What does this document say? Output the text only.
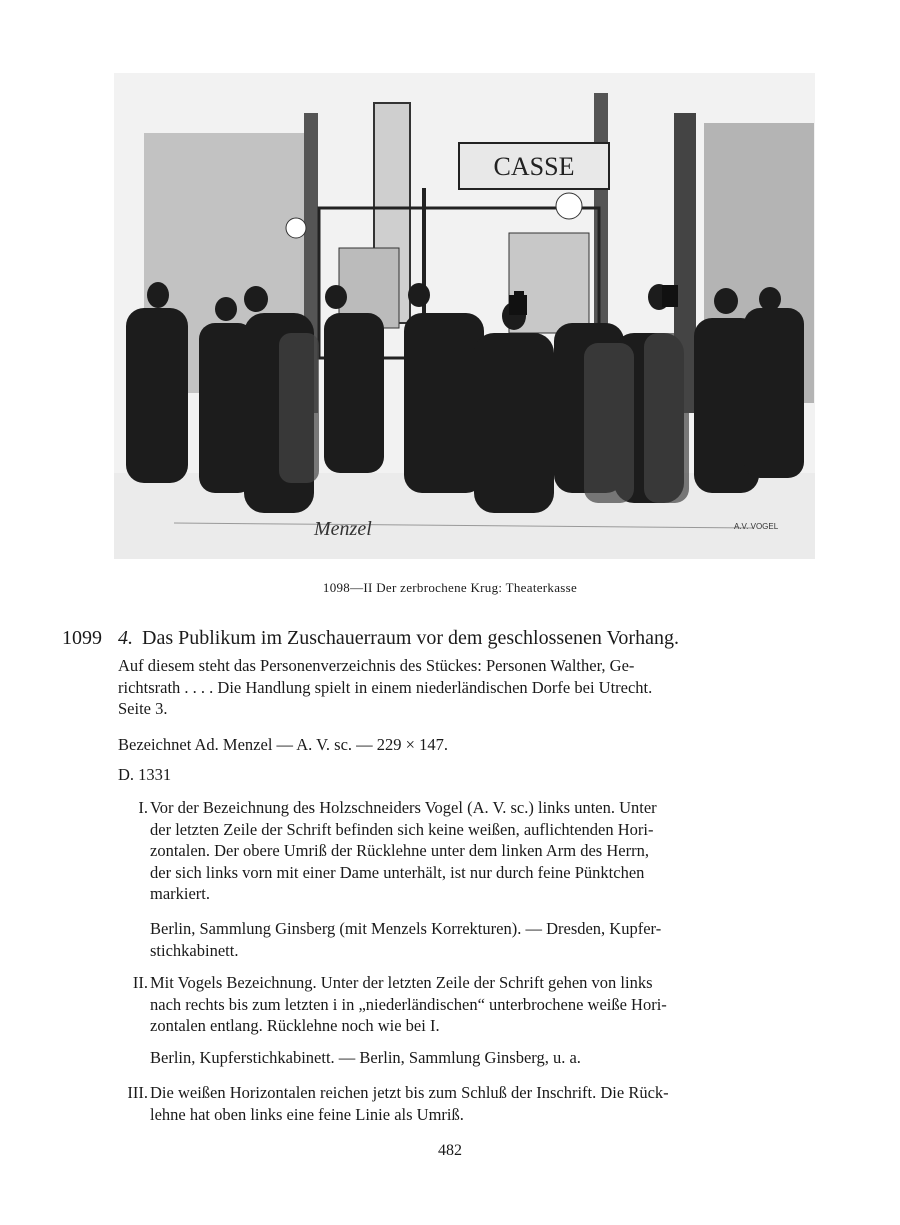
CASSE
Menzel	A.V. VOGEL
1098—II Der zerbrochene Krug: Theaterkasse
1099 4. Das Publikum im Zuschauerraum vor dem geschlossenen Vorhang.
Auf diesem steht das Personenverzeichnis des Stückes: Personen Walther, Ge-
richtsrath . . . . Die Handlung spielt in einem niederländischen Dorfe bei Utrecht.
Seite 3.
Bezeichnet Ad. Menzel — A. V. sc. — 229 × 147.
D. 1331
I. Vor der Bezeichnung des Holzschneiders Vogel (A. V. sc.) links unten. Unter
der letzten Zeile der Schrift befinden sich keine weißen, auflichtenden Hori-
zontalen. Der obere Umriß der Rücklehne unter dem linken Arm des Herrn,
der sich links vorn mit einer Dame unterhält, ist nur durch feine Pünktchen
markiert.
Berlin, Sammlung Ginsberg (mit Menzels Korrekturen). — Dresden, Kupfer-
stichkabinett.
II. Mit Vogels Bezeichnung. Unter der letzten Zeile der Schrift gehen von links
nach rechts bis zum letzten i in „niederländischen“ unterbrochene weiße Hori-
zontalen entlang. Rücklehne noch wie bei I.
Berlin, Kupferstichkabinett. — Berlin, Sammlung Ginsberg, u. a.
III. Die weißen Horizontalen reichen jetzt bis zum Schluß der Inschrift. Die Rück-
lehne hat oben links eine feine Linie als Umriß.
482
